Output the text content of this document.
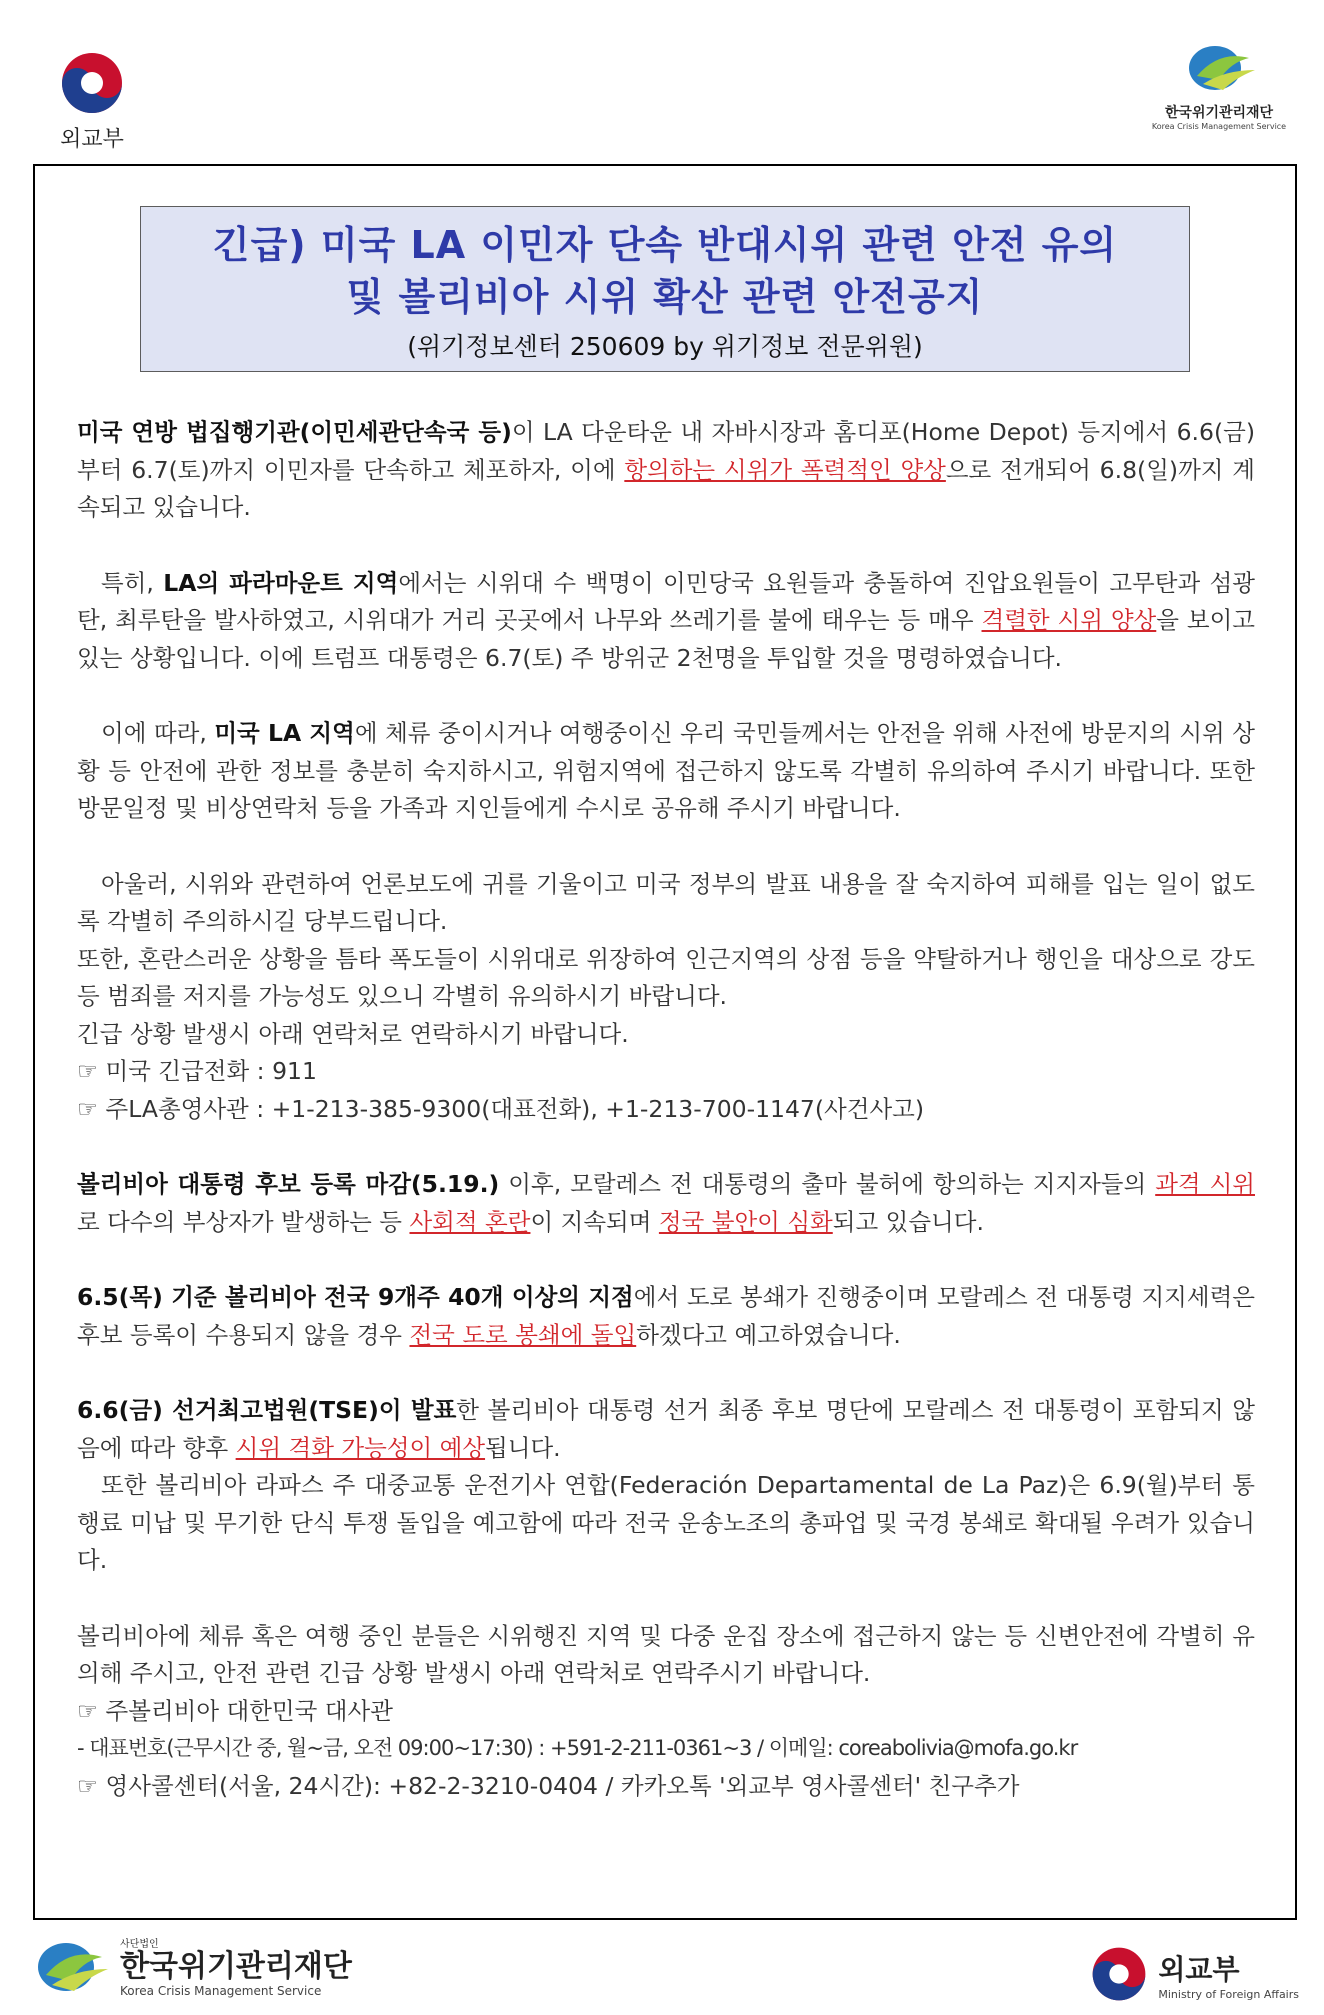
외교부
한국위기관리재단
Korea Crisis Management Service
긴급) 미국 LA 이민자 단속 반대시위 관련 안전 유의
및 볼리비아 시위 확산 관련 안전공지
(위기정보센터 250609 by 위기정보 전문위원)

미국 연방 법집행기관(이민세관단속국 등)이 LA 다운타운 내 자바시장과 홈디포(Home Depot) 등지에서 6.6(금)부터 6.7(토)까지 이민자를 단속하고 체포하자, 이에 항의하는 시위가 폭력적인 양상으로 전개되어 6.8(일)까지 계속되고 있습니다.

특히, LA의 파라마운트 지역에서는 시위대 수 백명이 이민당국 요원들과 충돌하여 진압요원들이 고무탄과 섬광탄, 최루탄을 발사하였고, 시위대가 거리 곳곳에서 나무와 쓰레기를 불에 태우는 등 매우 격렬한 시위 양상을 보이고 있는 상황입니다. 이에 트럼프 대통령은 6.7(토) 주 방위군 2천명을 투입할 것을 명령하였습니다.

이에 따라, 미국 LA 지역에 체류 중이시거나 여행중이신 우리 국민들께서는 안전을 위해 사전에 방문지의 시위 상황 등 안전에 관한 정보를 충분히 숙지하시고, 위험지역에 접근하지 않도록 각별히 유의하여 주시기 바랍니다. 또한 방문일정 및 비상연락처 등을 가족과 지인들에게 수시로 공유해 주시기 바랍니다.

아울러, 시위와 관련하여 언론보도에 귀를 기울이고 미국 정부의 발표 내용을 잘 숙지하여 피해를 입는 일이 없도록 각별히 주의하시길 당부드립니다.

또한, 혼란스러운 상황을 틈타 폭도들이 시위대로 위장하여 인근지역의 상점 등을 약탈하거나 행인을 대상으로 강도 등 범죄를 저지를 가능성도 있으니 각별히 유의하시기 바랍니다.

긴급 상황 발생시 아래 연락처로 연락하시기 바랍니다.

☞ 미국 긴급전화 : 911

☞ 주LA총영사관 : +1-213-385-9300(대표전화), +1-213-700-1147(사건사고)

볼리비아 대통령 후보 등록 마감(5.19.) 이후, 모랄레스 전 대통령의 출마 불허에 항의하는 지지자들의 과격 시위로 다수의 부상자가 발생하는 등 사회적 혼란이 지속되며 정국 불안이 심화되고 있습니다.

6.5(목) 기준 볼리비아 전국 9개주 40개 이상의 지점에서 도로 봉쇄가 진행중이며 모랄레스 전 대통령 지지세력은 후보 등록이 수용되지 않을 경우 전국 도로 봉쇄에 돌입하겠다고 예고하였습니다.

6.6(금) 선거최고법원(TSE)이 발표한 볼리비아 대통령 선거 최종 후보 명단에 모랄레스 전 대통령이 포함되지 않음에 따라 향후 시위 격화 가능성이 예상됩니다.

또한 볼리비아 라파스 주 대중교통 운전기사 연합(Federación Departamental de La Paz)은 6.9(월)부터 통행료 미납 및 무기한 단식 투쟁 돌입을 예고함에 따라 전국 운송노조의 총파업 및 국경 봉쇄로 확대될 우려가 있습니다.

볼리비아에 체류 혹은 여행 중인 분들은 시위행진 지역 및 다중 운집 장소에 접근하지 않는 등 신변안전에 각별히 유의해 주시고, 안전 관련 긴급 상황 발생시 아래 연락처로 연락주시기 바랍니다.

☞ 주볼리비아 대한민국 대사관

- 대표번호(근무시간 중, 월~금, 오전 09:00~17:30) : +591-2-211-0361~3 / 이메일: coreabolivia@mofa.go.kr

☞ 영사콜센터(서울, 24시간): +82-2-3210-0404 / 카카오톡 '외교부 영사콜센터' 친구추가

사단법인
한국위기관리재단
Korea Crisis Management Service
외교부
Ministry of Foreign Affairs
